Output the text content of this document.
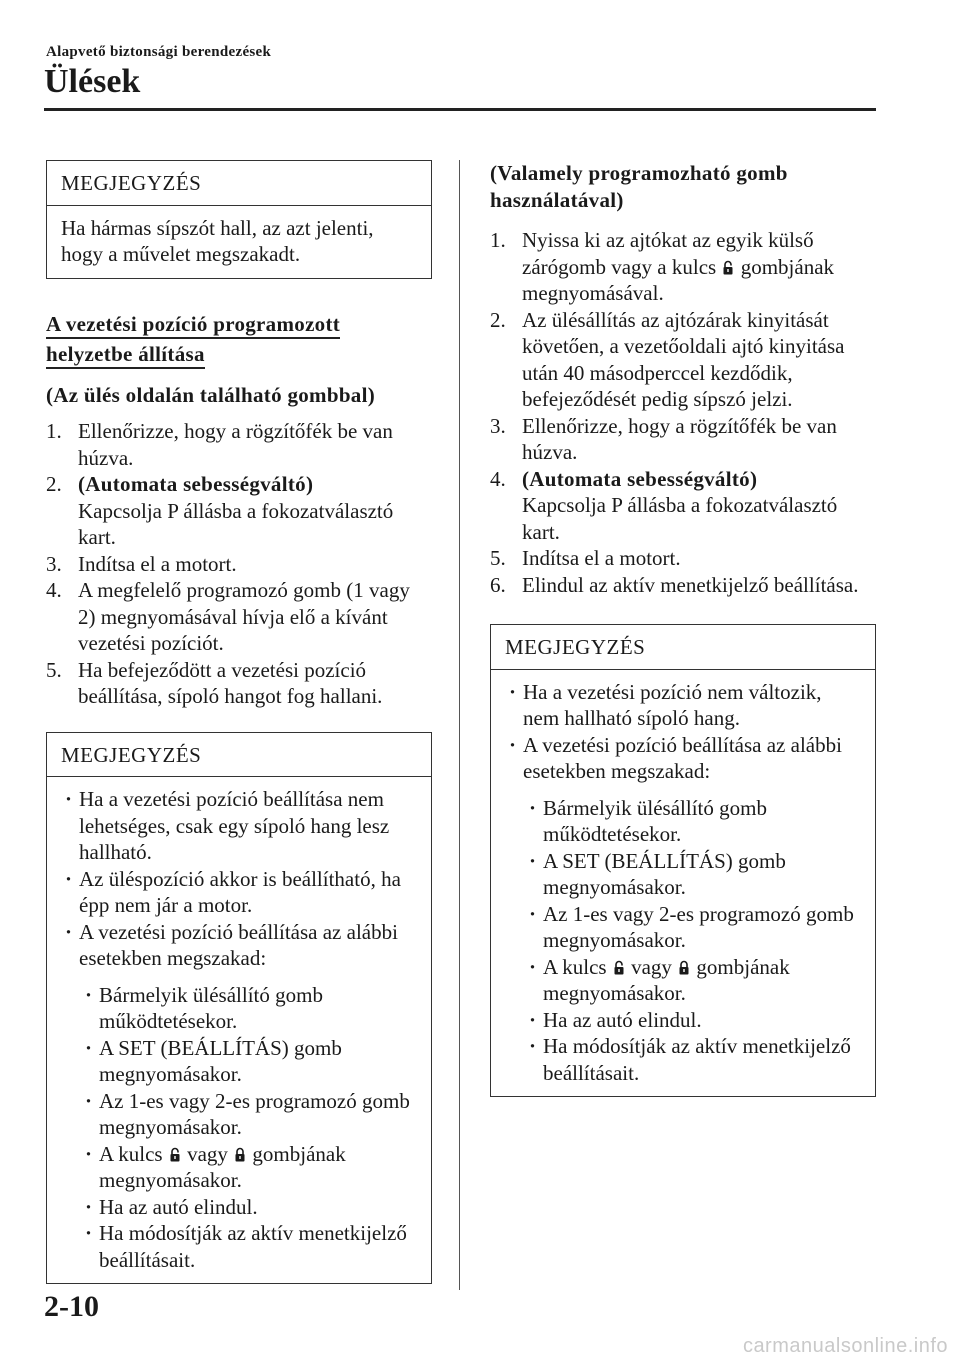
Alapvető biztonsági berendezések
Ülések
MEGJEGYZÉS
Ha hármas sípszót hall, az azt jelenti, hogy a művelet megszakadt.
A vezetési pozíció programozott
helyzetbe állítása
(Az ülés oldalán található gombbal)
1. Ellenőrizze, hogy a rögzítőfék be van húzva.
2. (Automata sebességváltó)
Kapcsolja P állásba a fokozatválasztó kart.
3. Indítsa el a motort.
4. A megfelelő programozó gomb (1 vagy 2) megnyomásával hívja elő a kívánt vezetési pozíciót.
5. Ha befejeződött a vezetési pozíció beállítása, sípoló hangot fog hallani.
MEGJEGYZÉS
· Ha a vezetési pozíció beállítása nem lehetséges, csak egy sípoló hang lesz hallható.
· Az üléspozíció akkor is beállítható, ha épp nem jár a motor.
· A vezetési pozíció beállítása az alábbi esetekben megszakad:
· Bármelyik ülésállító gomb működtetésekor.
· A SET (BEÁLLÍTÁS) gomb megnyomásakor.
· Az 1-es vagy 2-es programozó gomb megnyomásakor.
· A kulcs vagy gombjának megnyomásakor.
· Ha az autó elindul.
· Ha módosítják az aktív menetkijelző beállításait.
(Valamely programozható gomb
használatával)
1. Nyissa ki az ajtókat az egyik külső zárógomb vagy a kulcs gombjának megnyomásával.
2. Az ülésállítás az ajtózárak kinyitását követően, a vezetőoldali ajtó kinyitása után 40 másodperccel kezdődik, befejeződését pedig sípszó jelzi.
3. Ellenőrizze, hogy a rögzítőfék be van húzva.
4. (Automata sebességváltó)
Kapcsolja P állásba a fokozatválasztó kart.
5. Indítsa el a motort.
6. Elindul az aktív menetkijelző beállítása.
MEGJEGYZÉS
· Ha a vezetési pozíció nem változik, nem hallható sípoló hang.
· A vezetési pozíció beállítása az alábbi esetekben megszakad:
· Bármelyik ülésállító gomb működtetésekor.
· A SET (BEÁLLÍTÁS) gomb megnyomásakor.
· Az 1-es vagy 2-es programozó gomb megnyomásakor.
· A kulcs vagy gombjának megnyomásakor.
· Ha az autó elindul.
· Ha módosítják az aktív menetkijelző beállításait.
2-10
carmanualsonline.info
